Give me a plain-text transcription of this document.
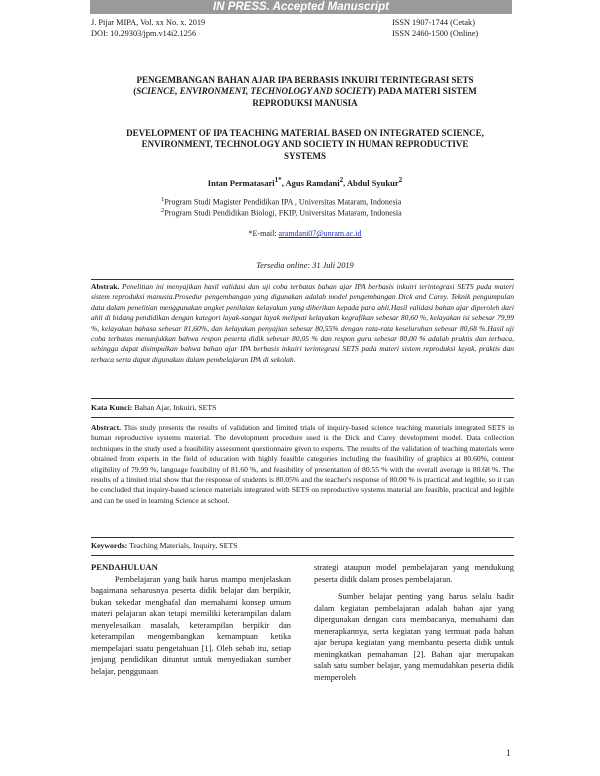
IN PRESS. Accepted Manuscript
J. Pijar MIPA, Vol. xx No. x. 2019
DOI: 10.29303/jpm.v14i2.1256
ISSN 1907-1744 (Cetak)
ISSN 2460-1500 (Online)
PENGEMBANGAN BAHAN AJAR IPA BERBASIS INKUIRI TERINTEGRASI SETS
(SCIENCE, ENVIRONMENT, TECHNOLOGY AND SOCIETY) PADA MATERI SISTEM
REPRODUKSI MANUSIA
DEVELOPMENT OF IPA TEACHING MATERIAL BASED ON INTEGRATED SCIENCE,
ENVIRONMENT, TECHNOLOGY AND SOCIETY IN HUMAN REPRODUCTIVE
SYSTEMS
Intan Permatasari$^{1*}$, Agus Ramdani$^2$, Abdul Syukur$^2$
$^1$Program Studi Magister Pendidikan IPA , Universitas Mataram, Indonesia
$^2$Program Studi Pendidikan Biologi, FKIP, Universitas Mataram, Indonesia
*E-mail: aramdani07@unram.ac.id
Tersedia online: 31 Juli 2019
Abstrak. Penelitian ini menyajikan hasil validasi dan uji coba terbatas bahan ajar IPA berbasis inkuiri terintegrasi SETS pada materi sistem reproduksi manusia.Prosedur pengembangan yang digunakan adalah model pengembangan Dick and Carey. Teknik pengumpulan data dalam penelitian menggunakan angket penilaian kelayakan yang diberikan kepada para ahli.Hasil validasi bahan ajar diperoleh dari ahli di bidang pendidikan dengan kategori layak-sangat layak meliputi kelayakan kegrafikan sebesar 80,60 %, kelayakan isi sebesar 79,99 %, kelayakan bahasa sebesar 81,60%, dan kelayakan penyajian sebesar 80,55% dengan rata-rata keseluruhan sebesar 80,68 %.Hasil uji coba terbatas menunjukkan bahwa respon peserta didik sebesar 80,05 % dan respon guru sebesar 80,00 % adalah praktis dan terbaca, sehingga dapat disimpulkan bahwa bahan ajar IPA berbasis inkuiri terintegrasi SETS pada materi sistem reproduksi layak, praktis dan terbaca serta dapat digunakan dalam pembelajaran IPA di sekolah.
Kata Kunci: Bahan Ajar, Inkuiri, SETS
Abstract. This study presents the results of validation and limited trials of inquiry-based science teaching materials integrated SETS in human reproductive systems material. The development procedure used is the Dick and Carey development model. Data collection techniques in the study used a feasibility assessment questionnaire given to experts. The results of the validation of teaching materials were obtained from experts in the field of education with highly feasible categories including the feasibility of graphics at 80.60%, content eligibility of 79.99 %, language feasibility of 81.60 %, and feasibility of presentation of 80.55 % with the overall average is 80.68 %. The results of a limited trial show that the response of students is 80.05% and the teacher's response of 80.00 % is practical and legible, so it can be concluded that inquiry-based science materials integrated with SETS on reproductive systems material are feasible, practical and legible and can be used in learning Science at school.
Keywords: Teaching Materials, Inquiry, SETS
PENDAHULUAN

Pembelajaran yang baik harus mampu menjelaskan bagaimana seharusnya peserta didik belajar dan berpikir, bukan sekedar menghafal dan memahami konsep umum materi pelajaran akan tetapi memiliki keterampilan dalam menyelesaikan masalah, keterampilan berpikir dan keterampilan mengembangkan kemampuan ketika mempelajari suatu pengetahuan [1]. Oleh sebab itu, setiap jenjang pendidikan dituntut untuk menyediakan sumber belajar, penggunaan

strategi ataupun model pembelajaran yang mendukung peserta didik dalam proses pembelajaran.

Sumber belajar penting yang harus selalu hadir dalam kegiatan pembelajaran adalah bahan ajar yang dipergunakan dengan cara membacanya, memahami dan menerapkannya, serta kegiatan yang termuat pada bahan ajar berupa kegiatan yang membantu peserta didik untuk meningkatkan pemahaman [2]. Bahan ajar merupakan salah satu sumber belajar, yang memudahkan peserta didik memperoleh

1
